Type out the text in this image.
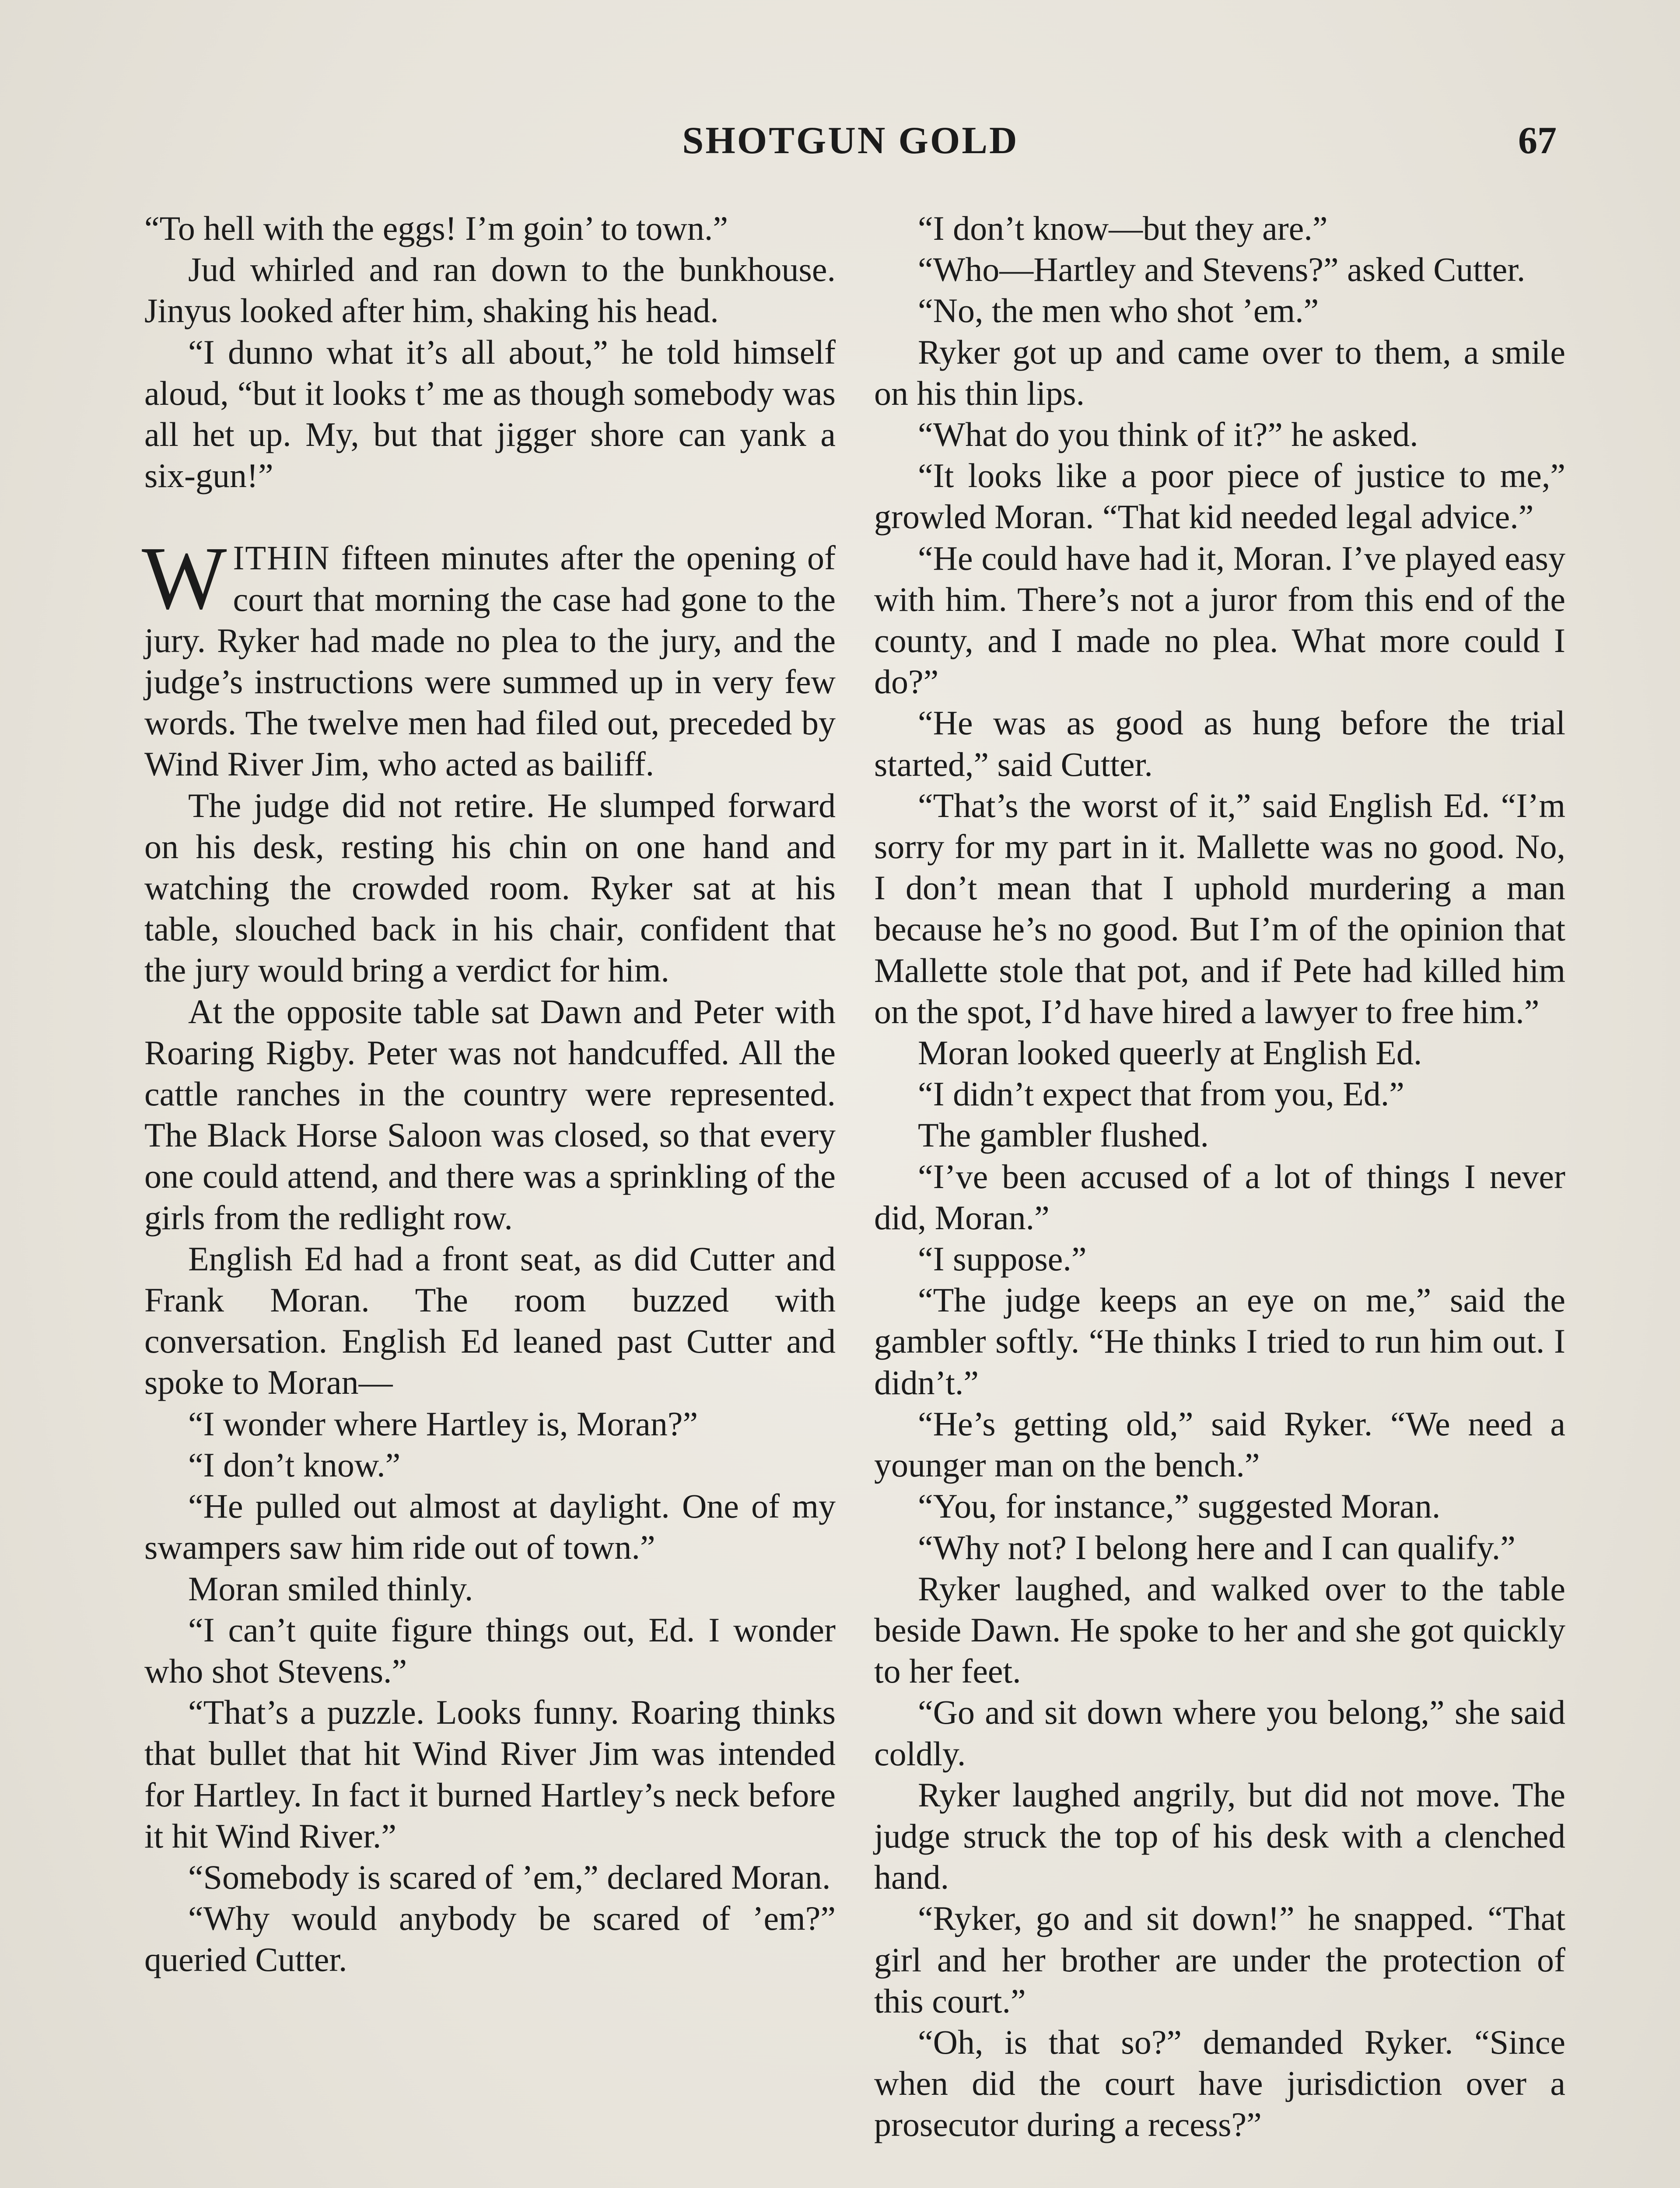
SHOTGUN GOLD	67

“To hell with the eggs! I’m goin’ to town.”

Jud whirled and ran down to the bunkhouse. Jinyus looked after him, shaking his head.

“I dunno what it’s all about,” he told himself aloud, “but it looks t’ me as though somebody was all het up. My, but that jigger shore can yank a six-gun!”

WITHIN fifteen minutes after the opening of court that morning the case had gone to the jury. Ryker had made no plea to the jury, and the judge’s instructions were summed up in very few words. The twelve men had filed out, preceded by Wind River Jim, who acted as bailiff.

The judge did not retire. He slumped forward on his desk, resting his chin on one hand and watching the crowded room. Ryker sat at his table, slouched back in his chair, confident that the jury would bring a verdict for him.

At the opposite table sat Dawn and Peter with Roaring Rigby. Peter was not handcuffed. All the cattle ranches in the country were represented. The Black Horse Saloon was closed, so that every one could attend, and there was a sprinkling of the girls from the redlight row.

English Ed had a front seat, as did Cutter and Frank Moran. The room buzzed with conversation. English Ed leaned past Cutter and spoke to Moran—

“I wonder where Hartley is, Moran?”

“I don’t know.”

“He pulled out almost at daylight. One of my swampers saw him ride out of town.”

Moran smiled thinly.

“I can’t quite figure things out, Ed. I wonder who shot Stevens.”

“That’s a puzzle. Looks funny. Roaring thinks that bullet that hit Wind River Jim was intended for Hartley. In fact it burned Hartley’s neck before it hit Wind River.”

“Somebody is scared of ’em,” declared Moran.

“Why would anybody be scared of ’em?” queried Cutter.

“I don’t know—but they are.”

“Who—Hartley and Stevens?” asked Cutter.

“No, the men who shot ’em.”

Ryker got up and came over to them, a smile on his thin lips.

“What do you think of it?” he asked.

“It looks like a poor piece of justice to me,” growled Moran. “That kid needed legal advice.”

“He could have had it, Moran. I’ve played easy with him. There’s not a juror from this end of the county, and I made no plea. What more could I do?”

“He was as good as hung before the trial started,” said Cutter.

“That’s the worst of it,” said English Ed. “I’m sorry for my part in it. Mallette was no good. No, I don’t mean that I uphold murdering a man because he’s no good. But I’m of the opinion that Mallette stole that pot, and if Pete had killed him on the spot, I’d have hired a lawyer to free him.”

Moran looked queerly at English Ed.

“I didn’t expect that from you, Ed.”

The gambler flushed.

“I’ve been accused of a lot of things I never did, Moran.”

“I suppose.”

“The judge keeps an eye on me,” said the gambler softly. “He thinks I tried to run him out. I didn’t.”

“He’s getting old,” said Ryker. “We need a younger man on the bench.”

“You, for instance,” suggested Moran.

“Why not? I belong here and I can qualify.”

Ryker laughed, and walked over to the table beside Dawn. He spoke to her and she got quickly to her feet.

“Go and sit down where you belong,” she said coldly.

Ryker laughed angrily, but did not move. The judge struck the top of his desk with a clenched hand.

“Ryker, go and sit down!” he snapped. “That girl and her brother are under the protection of this court.”

“Oh, is that so?” demanded Ryker. “Since when did the court have jurisdiction over a prosecutor during a recess?”
